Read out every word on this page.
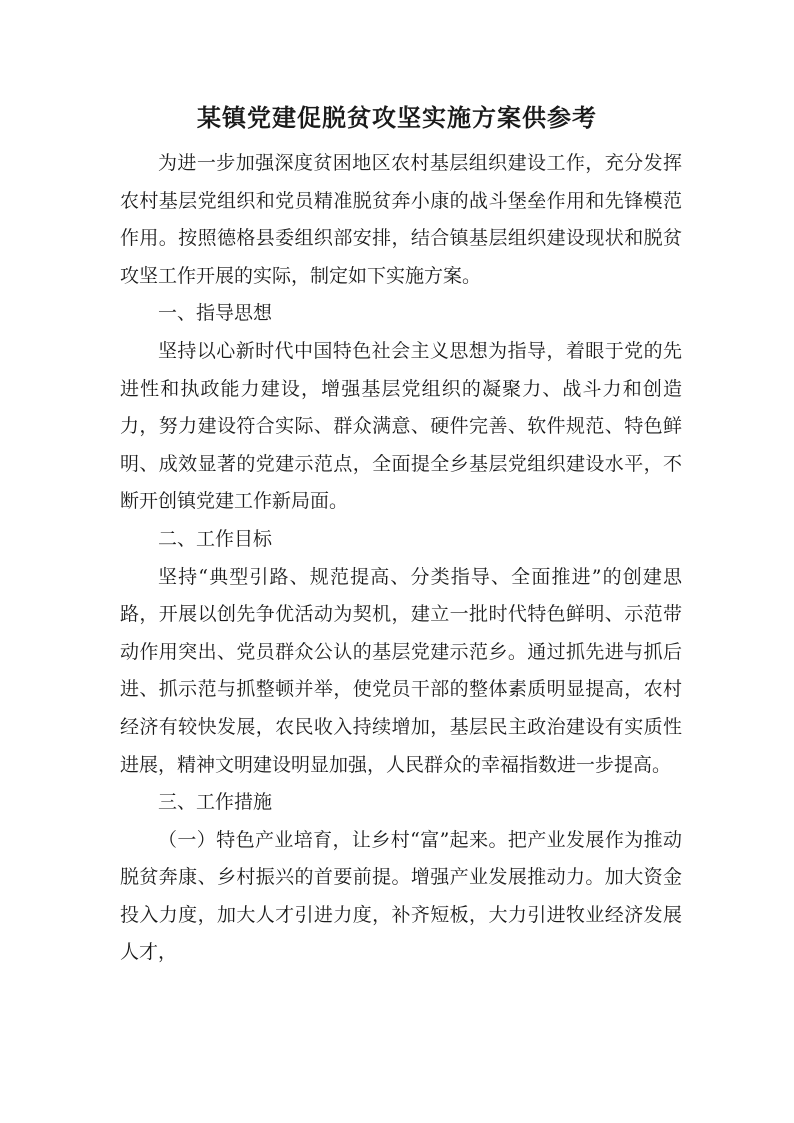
某镇党建促脱贫攻坚实施方案供参考

为进一步加强深度贫困地区农村基层组织建设工作，充分发挥农村基层党组织和党员精准脱贫奔小康的战斗堡垒作用和先锋模范作用。按照德格县委组织部安排，结合镇基层组织建设现状和脱贫攻坚工作开展的实际，制定如下实施方案。

一、指导思想

坚持以心新时代中国特色社会主义思想为指导，着眼于党的先进性和执政能力建设，增强基层党组织的凝聚力、战斗力和创造力，努力建设符合实际、群众满意、硬件完善、软件规范、特色鲜明、成效显著的党建示范点，全面提全乡基层党组织建设水平，不断开创镇党建工作新局面。

二、工作目标

坚持“典型引路、规范提高、分类指导、全面推进”的创建思路，开展以创先争优活动为契机，建立一批时代特色鲜明、示范带动作用突出、党员群众公认的基层党建示范乡。通过抓先进与抓后进、抓示范与抓整顿并举，使党员干部的整体素质明显提高，农村经济有较快发展，农民收入持续增加，基层民主政治建设有实质性进展，精神文明建设明显加强，人民群众的幸福指数进一步提高。

三、工作措施

（一）特色产业培育，让乡村“富”起来。把产业发展作为推动脱贫奔康、乡村振兴的首要前提。增强产业发展推动力。加大资金投入力度，加大人才引进力度，补齐短板，大力引进牧业经济发展人才，
